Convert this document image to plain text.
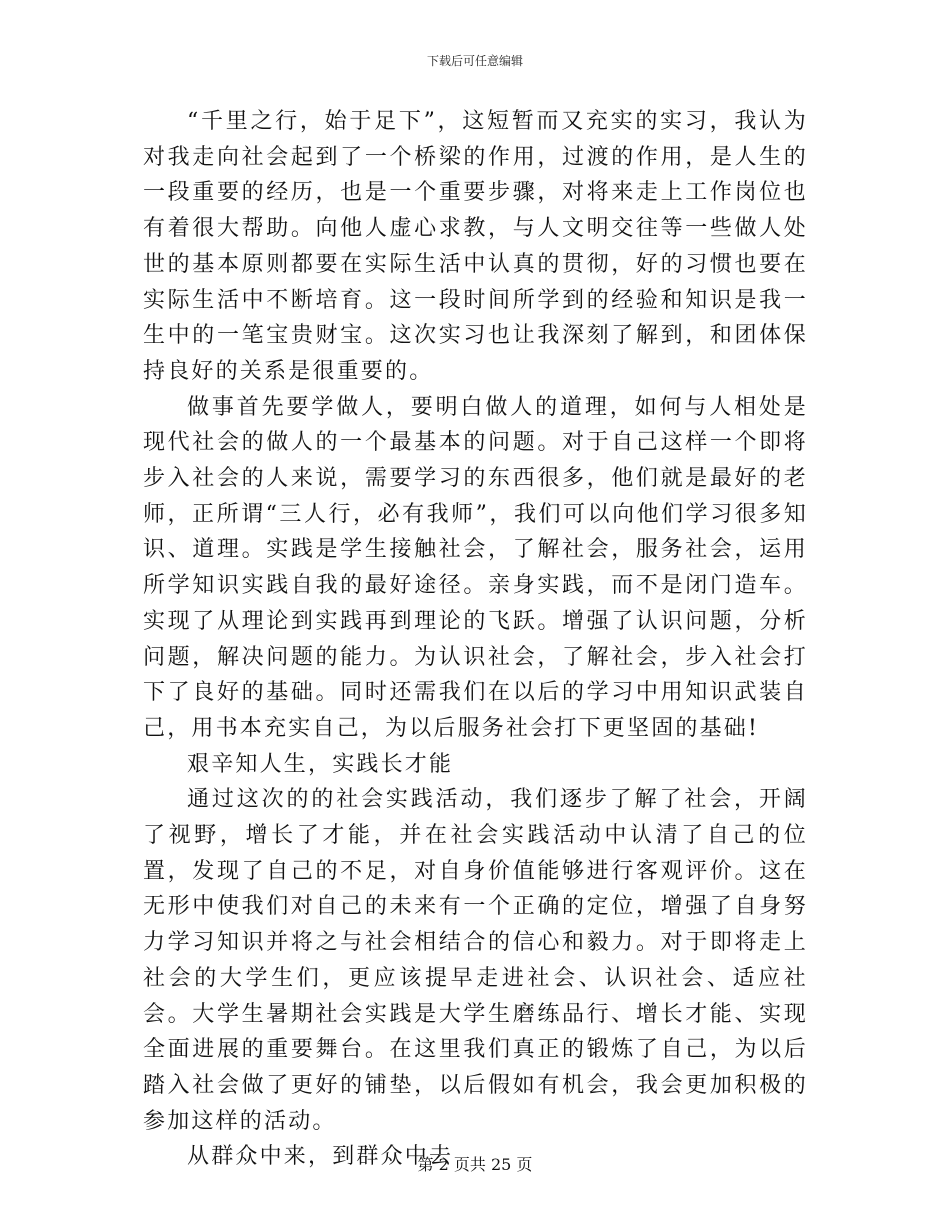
下载后可任意编辑

“千里之行，始于足下”，这短暂而又充实的实习，我认为对我走向社会起到了一个桥梁的作用，过渡的作用，是人生的一段重要的经历，也是一个重要步骤，对将来走上工作岗位也有着很大帮助。向他人虚心求教，与人文明交往等一些做人处世的基本原则都要在实际生活中认真的贯彻，好的习惯也要在实际生活中不断培育。这一段时间所学到的经验和知识是我一生中的一笔宝贵财宝。这次实习也让我深刻了解到，和团体保持良好的关系是很重要的。

做事首先要学做人，要明白做人的道理，如何与人相处是现代社会的做人的一个最基本的问题。对于自己这样一个即将步入社会的人来说，需要学习的东西很多，他们就是最好的老师，正所谓“三人行，必有我师”，我们可以向他们学习很多知识、道理。实践是学生接触社会，了解社会，服务社会，运用所学知识实践自我的最好途径。亲身实践，而不是闭门造车。实现了从理论到实践再到理论的飞跃。增强了认识问题，分析问题，解决问题的能力。为认识社会，了解社会，步入社会打下了良好的基础。同时还需我们在以后的学习中用知识武装自己，用书本充实自己，为以后服务社会打下更坚固的基础!

艰辛知人生，实践长才能

通过这次的的社会实践活动，我们逐步了解了社会，开阔了视野，增长了才能，并在社会实践活动中认清了自己的位置，发现了自己的不足，对自身价值能够进行客观评价。这在无形中使我们对自己的未来有一个正确的定位，增强了自身努力学习知识并将之与社会相结合的信心和毅力。对于即将走上社会的大学生们，更应该提早走进社会、认识社会、适应社会。大学生暑期社会实践是大学生磨练品行、增长才能、实现全面进展的重要舞台。在这里我们真正的锻炼了自己，为以后踏入社会做了更好的铺垫，以后假如有机会，我会更加积极的参加这样的活动。

从群众中来，到群众中去

第 2 页共 25 页
